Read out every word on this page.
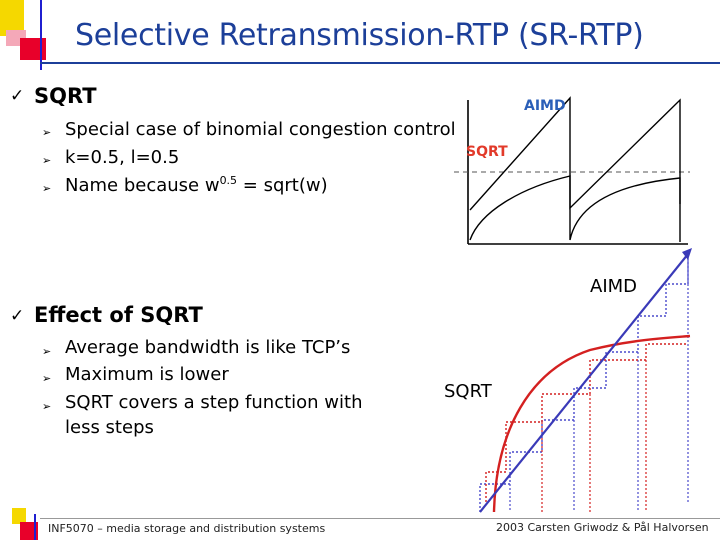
Selective Retransmission-RTP (SR-RTP)
✓ SQRT
➢ Special case of binomial congestion control
➢ k=0.5, l=0.5
➢ Name because $w^{0.5}$ = sqrt(w)
✓ Effect of SQRT
➢ Average bandwidth is like TCP’s
➢ Maximum is lower
➢ SQRT covers a step function with
less steps
AIMD
SQRT
AIMD
SQRT
INF5070 – media storage and distribution systems	2003 Carsten Griwodz & Pål Halvorsen
